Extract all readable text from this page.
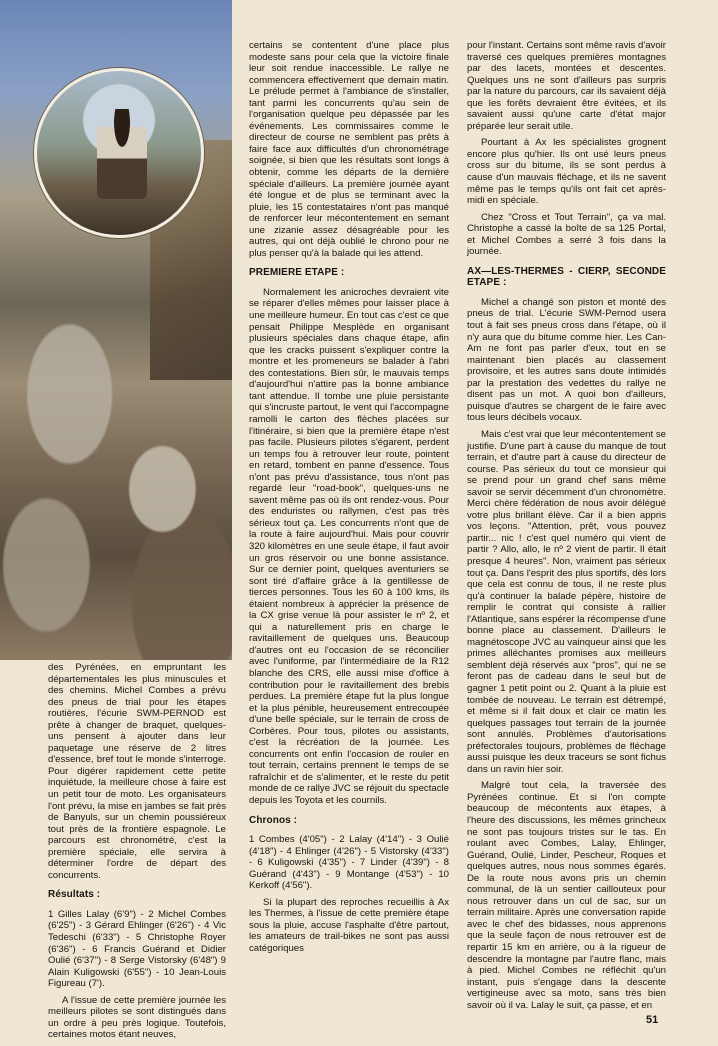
des Pyrénées, en empruntant les départementales les plus minuscules et des chemins. Michel Combes a prévu des pneus de trial pour les étapes routières, l'écurie SWM-PERNOD est prête à changer de braquet, quelques-uns pensent à ajouter dans leur paquetage une réserve de 2 litres d'essence, bref tout le monde s'interroge. Pour digérer rapidement cette petite inquiétude, la meilleure chose à faire est un petit tour de moto. Les organisateurs l'ont prévu, la mise en jambes se fait près de Banyuls, sur un chemin poussiéreux tout près de la frontière espagnole. Le parcours est chronométré, c'est la première spéciale, elle servira à déterminer l'ordre de départ des concurrents.

Résultats :

1 Gilles Lalay (6'9") - 2 Michel Combes (6'25") - 3 Gérard Ehlinger (6'26") - 4 Vic Tedeschi (6'33") - 5 Christophe Royer (6'36") - 6 Francis Guérand et Didier Oulié (6'37") - 8 Serge Vistorsky (6'48") 9 Alain Kuligowski (6'55") - 10 Jean-Louis Figureau (7').

A l'issue de cette première journée les meilleurs pilotes se sont distingués dans un ordre à peu près logique. Toutefois, certaines motos étant neuves,

certains se contentent d'une place plus modeste sans pour cela que la victoire finale leur soit rendue inaccessible. Le rallye ne commencera effectivement que demain matin. Le prélude permet à l'ambiance de s'installer, tant parmi les concurrents qu'au sein de l'organisation quelque peu dépassée par les événements. Les commissaires comme le directeur de course ne semblent pas prêts à faire face aux difficultés d'un chronométrage soignée, si bien que les résultats sont longs à obtenir, comme les départs de la dernière spéciale d'ailleurs. La première journée ayant été longue et de plus se terminant avec la pluie, les 15 contestataires n'ont pas manqué de renforcer leur mécontentement en semant une zizanie assez désagréable pour les autres, qui ont déjà oublié le chrono pour ne plus penser qu'à la balade qui les attend.

PREMIERE ETAPE :

Normalement les anicroches devraient vite se réparer d'elles mêmes pour laisser place à une meilleure humeur. En tout cas c'est ce que pensait Philippe Mesplède en organisant plusieurs spéciales dans chaque étape, afin que les cracks puissent s'expliquer contre la montre et les promeneurs se balader à l'abri des contestations. Bien sûr, le mauvais temps d'aujourd'hui n'attire pas la bonne ambiance tant attendue. Il tombe une pluie persistante qui s'incruste partout, le vent qui l'accompagne ramolli le carton des flèches placées sur l'itinéraire, si bien que la première étape n'est pas facile. Plusieurs pilotes s'égarent, perdent un temps fou à retrouver leur route, pointent en retard, tombent en panne d'essence. Tous n'ont pas prévu d'assistance, tous n'ont pas regardé leur "road-book", quelques-uns ne savent même pas où ils ont rendez-vous. Pour des enduristes ou rallymen, c'est pas très sérieux tout ça. Les concurrents n'ont que de la route à faire aujourd'hui. Mais pour couvrir 320 kilomètres en une seule étape, il faut avoir un gros réservoir ou une bonne assistance. Sur ce dernier point, quelques aventuriers se sont tiré d'affaire grâce à la gentillesse de tierces personnes. Tous les 60 à 100 kms, ils étaient nombreux à apprécier la présence de la CX grise venue là pour assister le nº 2, et qui a naturellement pris en charge le ravitaillement de quelques uns. Beaucoup d'autres ont eu l'occasion de se réconcilier avec l'uniforme, par l'intermédiaire de la R12 blanche des CRS, elle aussi mise d'office à contribution pour le ravitaillement des brebis perdues. La première étape fut la plus longue et la plus pénible, heureusement entrecoupée d'une belle spéciale, sur le terrain de cross de Corbères. Pour tous, pilotes ou assistants, c'est la récréation de la journée. Les concurrents ont enfin l'occasion de rouler en tout terrain, certains prennent le temps de se rafraîchir et de s'alimenter, et le reste du petit monde de ce rallye JVC se réjouit du spectacle depuis les Toyota et les cournils.

Chronos :

1 Combes (4'05") - 2 Lalay (4'14") - 3 Oulié (4'18") - 4 Ehlinger (4'26") - 5 Vistorsky (4'33") - 6 Kuligowski (4'35") - 7 Linder (4'39") - 8 Guérand (4'43") - 9 Montange (4'53") - 10 Kerkoff (4'56").

Si la plupart des reproches recueillis à Ax les Thermes, à l'issue de cette première étape sous la pluie, accuse l'asphalte d'être partout, les amateurs de trail-bikes ne sont pas aussi catégoriques

pour l'instant. Certains sont même ravis d'avoir traversé ces quelques premières montagnes par des lacets, montées et descentes. Quelques uns ne sont d'ailleurs pas surpris par la nature du parcours, car ils savaient déjà que les forêts devraient être évitées, et ils savaient aussi qu'une carte d'état major préparée leur serait utile.

Pourtant à Ax les spécialistes grognent encore plus qu'hier. Ils ont usé leurs pneus cross sur du bitume, ils se sont perdus à cause d'un mauvais fléchage, et ils ne savent même pas le temps qu'ils ont fait cet après-midi en spéciale.

Chez "Cross et Tout Terrain", ça va mal. Christophe a cassé la boîte de sa 125 Portal, et Michel Combes a serré 3 fois dans la journée.

AX—LES-THERMES - CIERP, SECONDE ETAPE :

Michel a changé son piston et monté des pneus de trial. L'écurie SWM-Pernod usera tout à fait ses pneus cross dans l'étape, où il n'y aura que du bitume comme hier. Les Can-Am ne font pas parler d'eux, tout en se maintenant bien placés au classement provisoire, et les autres sans doute intimidés par la prestation des vedettes du rallye ne disent pas un mot. A quoi bon d'ailleurs, puisque d'autres se chargent de le faire avec tous leurs décibels vocaux.

Mais c'est vrai que leur mécontentement se justifie. D'une part à cause du manque de tout terrain, et d'autre part à cause du directeur de course. Pas sérieux du tout ce monsieur qui se prend pour un grand chef sans même savoir se servir décemment d'un chronomètre. Merci chère fédération de nous avoir délégué votre plus brillant élève. Car il a bien appris vos leçons. "Attention, prêt, vous pouvez partir... nic ! c'est quel numéro qui vient de partir ? Allo, allo, le nº 2 vient de partir. Il était presque 4 heures". Non, vraiment pas sérieux tout ça. Dans l'esprit des plus sportifs, dès lors que cela est connu de tous, il ne reste plus qu'à continuer la balade pépère, histoire de remplir le contrat qui consiste à rallier l'Atlantique, sans espérer la récompense d'une bonne place au classement. D'ailleurs le magnétoscope JVC au vainqueur ainsi que les primes alléchantes promises aux meilleurs semblent déjà réservés aux "pros", qui ne se feront pas de cadeau dans le seul but de gagner 1 petit point ou 2. Quant à la pluie est tombée de nouveau. Le terrain est détrempé, et même si il fait doux et clair ce matin les quelques passages tout terrain de la journée sont annulés. Problèmes d'autorisations préfectorales toujours, problèmes de fléchage aussi puisque les deux traceurs se sont fichus dans un ravin hier soir.

Malgré tout cela, la traversée des Pyrénées continue. Et si l'on compte beaucoup de mécontents aux étapes, à l'heure des discussions, les mêmes grincheux ne sont pas toujours tristes sur le tas. En roulant avec Combes, Lalay, Ehlinger, Guérand, Oulié, Linder, Pescheur, Roques et quelques autres, nous nous sommes égarés. De la route nous avons pris un chemin communal, de là un sentier caillouteux pour nous retrouver dans un cul de sac, sur un terrain militaire. Après une conversation rapide avec le chef des bidasses, nous apprenons que la seule façon de nous retrouver est de repartir 15 km en arrière, ou à la rigueur de descendre la montagne par l'autre flanc, mais à pied. Michel Combes ne réfléchit qu'un instant, puis s'engage dans la descente vertigineuse avec sa moto, sans très bien savoir où il va. Lalay le suit, ça passe, et en

51
